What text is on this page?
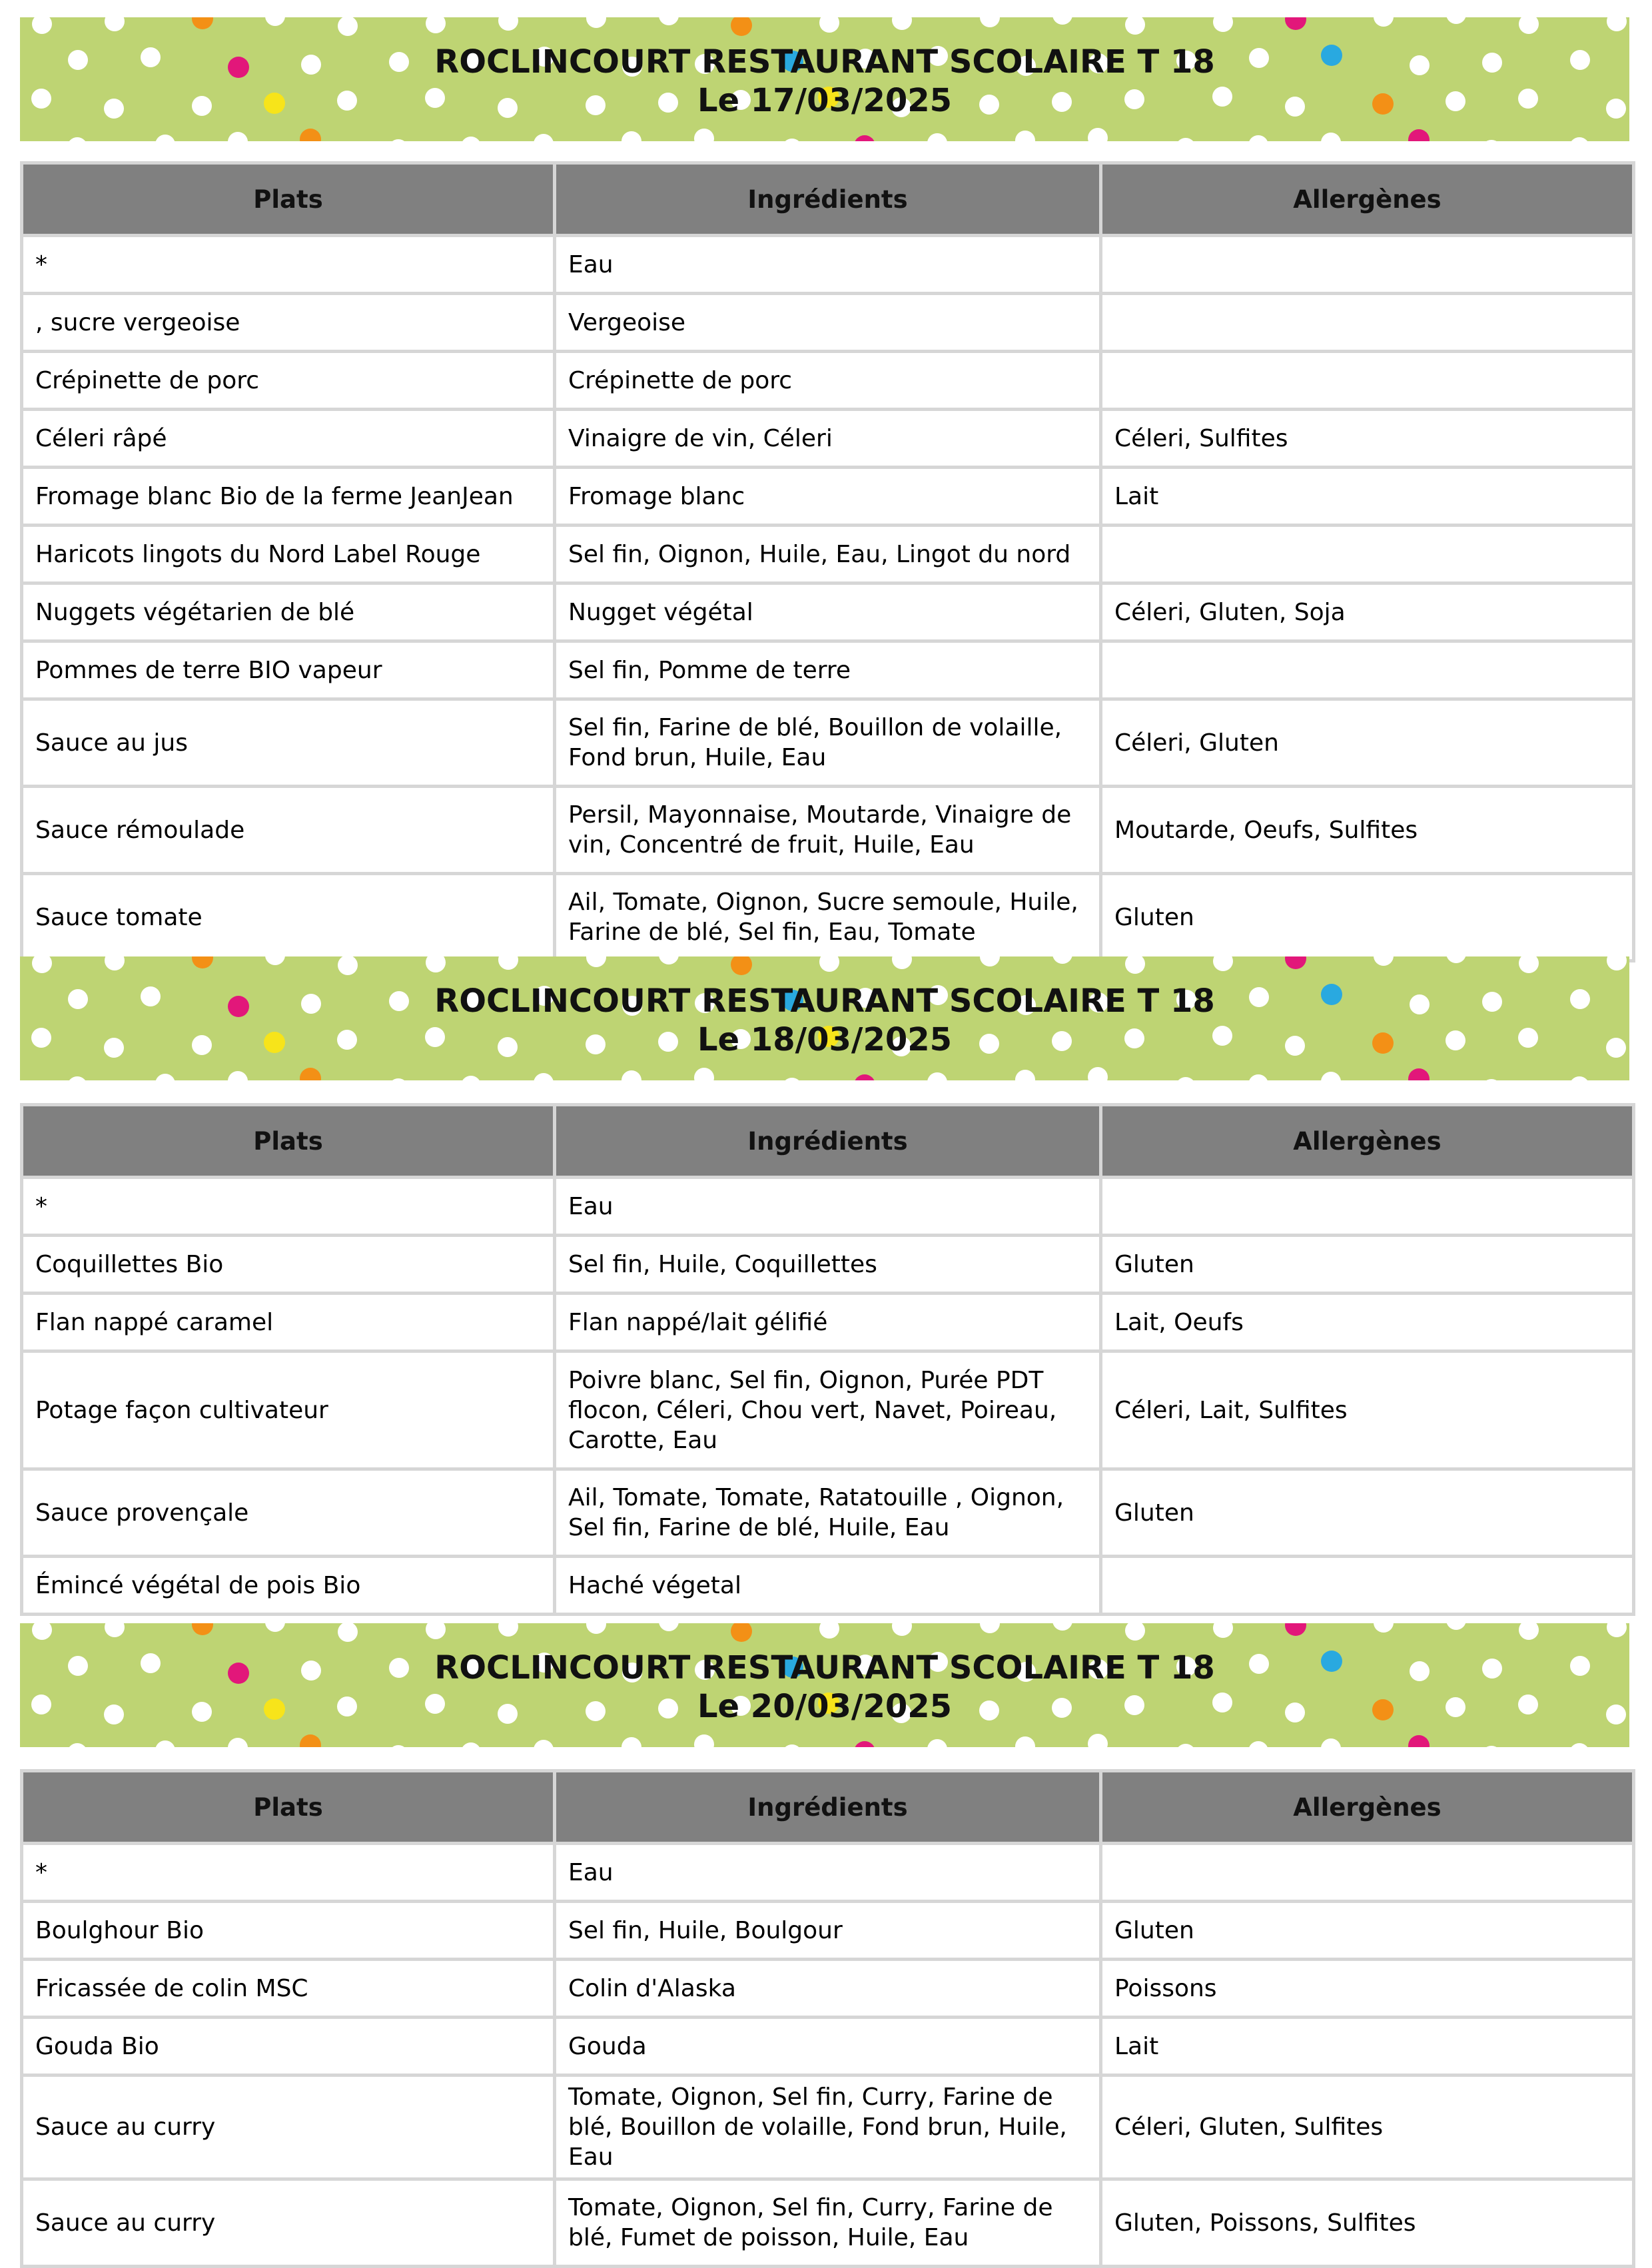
ROCLINCOURT RESTAURANT SCOLAIRE T 18
Le 17/03/2025
Plats	Ingrédients	Allergènes
*	Eau	
, sucre vergeoise	Vergeoise	
Crépinette de porc	Crépinette de porc	
Céleri râpé	Vinaigre de vin, Céleri	Céleri, Sulfites
Fromage blanc Bio de la ferme JeanJean	Fromage blanc	Lait
Haricots lingots du Nord Label Rouge	Sel fin, Oignon, Huile, Eau, Lingot du nord	
Nuggets végétarien de blé	Nugget végétal	Céleri, Gluten, Soja
Pommes de terre BIO vapeur	Sel fin, Pomme de terre	
Sauce au jus	Sel fin, Farine de blé, Bouillon de volaille, Fond brun, Huile, Eau	Céleri, Gluten
Sauce rémoulade	Persil, Mayonnaise, Moutarde, Vinaigre de vin, Concentré de fruit, Huile, Eau	Moutarde, Oeufs, Sulfites
Sauce tomate	Ail, Tomate, Oignon, Sucre semoule, Huile, Farine de blé, Sel fin, Eau, Tomate	Gluten
ROCLINCOURT RESTAURANT SCOLAIRE T 18
Le 18/03/2025
Plats	Ingrédients	Allergènes
*	Eau	
Coquillettes Bio	Sel fin, Huile, Coquillettes	Gluten
Flan nappé caramel	Flan nappé/lait gélifié	Lait, Oeufs
Potage façon cultivateur	Poivre blanc, Sel fin, Oignon, Purée PDT flocon, Céleri, Chou vert, Navet, Poireau, Carotte, Eau	Céleri, Lait, Sulfites
Sauce provençale	Ail, Tomate, Tomate, Ratatouille , Oignon, Sel fin, Farine de blé, Huile, Eau	Gluten
Émincé végétal de pois Bio	Haché végetal	
ROCLINCOURT RESTAURANT SCOLAIRE T 18
Le 20/03/2025
Plats	Ingrédients	Allergènes
*	Eau	
Boulghour Bio	Sel fin, Huile, Boulgour	Gluten
Fricassée de colin MSC	Colin d'Alaska	Poissons
Gouda Bio	Gouda	Lait
Sauce au curry	Tomate, Oignon, Sel fin, Curry, Farine de blé, Bouillon de volaille, Fond brun, Huile, Eau	Céleri, Gluten, Sulfites
Sauce au curry	Tomate, Oignon, Sel fin, Curry, Farine de blé, Fumet de poisson, Huile, Eau	Gluten, Poissons, Sulfites
